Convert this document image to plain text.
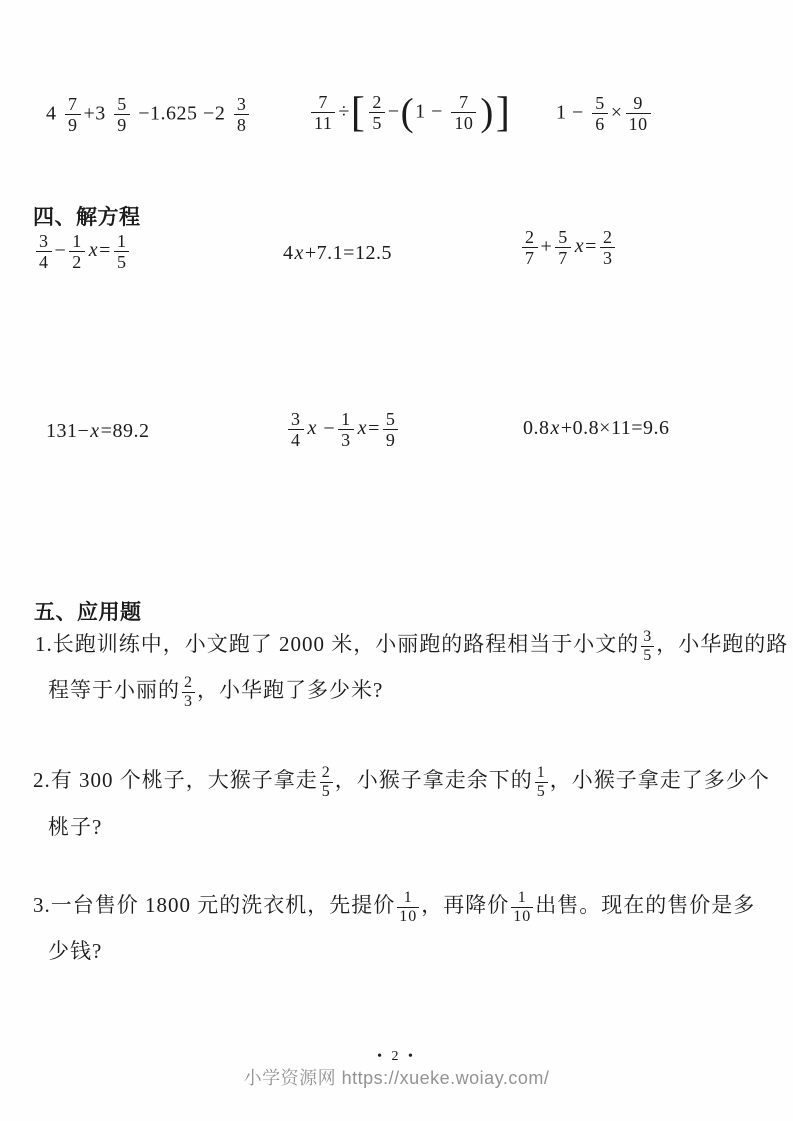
$4 \frac{7}{9} +3 \frac{5}{9} -1.625 -2 \frac{3}{8}$	$\frac{7}{11}$ ÷[ $\frac{2}{5} -(1 - \frac{7}{10}$ )] $1 - \frac{5}{6} \times \frac{9}{10}$
四、解方程
$\frac{3}{4} - \frac{1}{2} x= \frac{1}{5}$	4x+7.1=12.5	$\frac{2}{7} + \frac{5}{7} x= \frac{2}{3}$
131−x=89.2	$\frac{3}{4}$ $x - \frac{1}{3} x= \frac{5}{9}$	0.8x+0.8×11=9.6
五、应用题
1.长跑训练中，小文跑了 2000 米，小丽跑的路程相当于小文的 $\frac{3}{5}$ ，小华跑的路
程等于小丽的 $\frac{2}{3}$ ，小华跑了多少米?
2.有 300 个桃子，大猴子拿走 $\frac{2}{5}$ ，小猴子拿走余下的 $\frac{1}{5}$ ，小猴子拿走了多少个
桃子?
3.一台售价 1800 元的洗衣机，先提价 $\frac{1}{10}$ ，再降价 $\frac{1}{10}$ 出售。现在的售价是多
少钱?
• 2 •
小学资源网 https://xueke.woiay.com/
